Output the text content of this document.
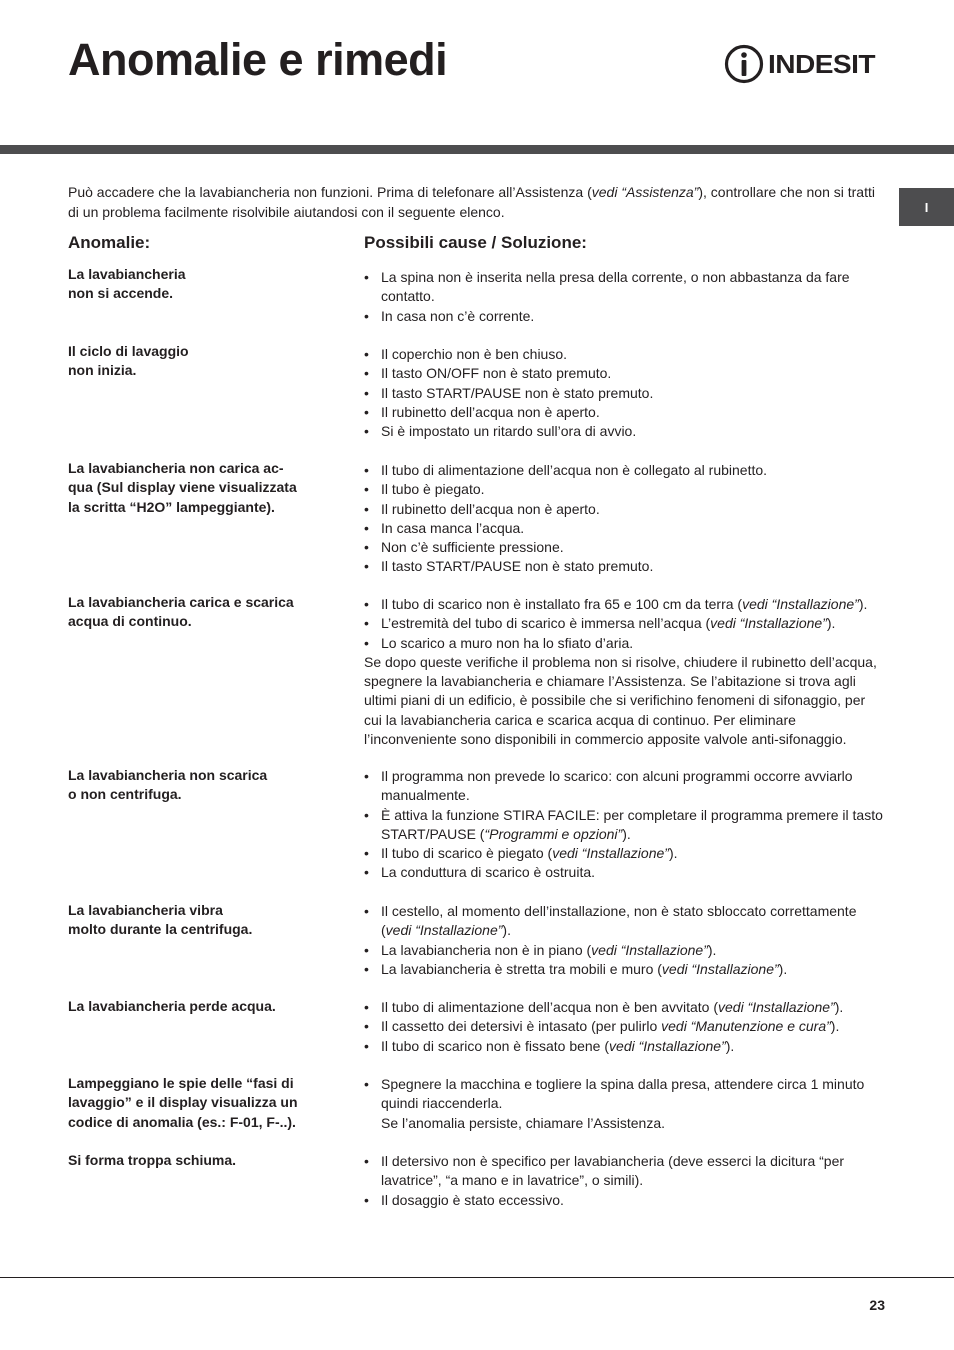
Anomalie e rimedi	INDESIT
I
Può accadere che la lavabiancheria non funzioni. Prima di telefonare all’Assistenza (vedi “Assistenza”), controllare che non si tratti di un problema facilmente risolvibile aiutandosi con il seguente elenco.
Anomalie:	Possibili cause / Soluzione:
La lavabiancheria
non si accende.
• La spina non è inserita nella presa della corrente, o non abbastanza da fare contatto.
• In casa non c’è corrente.
Il ciclo di lavaggio
non inizia.
• Il coperchio non è ben chiuso.
• Il tasto ON/OFF non è stato premuto.
• Il tasto START/PAUSE non è stato premuto.
• Il rubinetto dell’acqua non è aperto.
• Si è impostato un ritardo sull’ora di avvio.
La lavabiancheria non carica ac-
qua (Sul display viene visualizzata
la scritta “H2O” lampeggiante).
• Il tubo di alimentazione dell’acqua non è collegato al rubinetto.
• Il tubo è piegato.
• Il rubinetto dell’acqua non è aperto.
• In casa manca l’acqua.
• Non c’è sufficiente pressione.
• Il tasto START/PAUSE non è stato premuto.
La lavabiancheria carica e scarica
acqua di continuo.
• Il tubo di scarico non è installato fra 65 e 100 cm da terra (vedi “Installazione”).
• L’estremità del tubo di scarico è immersa nell’acqua (vedi “Installazione”).
• Lo scarico a muro non ha lo sfiato d’aria.

Se dopo queste verifiche il problema non si risolve, chiudere il rubinetto dell’acqua, spegnere la lavabiancheria e chiamare l’Assistenza. Se l’abitazione si trova agli ultimi piani di un edificio, è possibile che si verifichino fenomeni di sifonaggio, per cui la lavabiancheria carica e scarica acqua di continuo. Per eliminare l’inconveniente sono disponibili in commercio apposite valvole anti-sifonaggio.

La lavabiancheria non scarica
o non centrifuga.
• Il programma non prevede lo scarico: con alcuni programmi occorre avviarlo manualmente.
• È attiva la funzione STIRA FACILE: per completare il programma premere il tasto START/PAUSE (“Programmi e opzioni”).
• Il tubo di scarico è piegato (vedi “Installazione”).
• La conduttura di scarico è ostruita.
La lavabiancheria vibra
molto durante la centrifuga.
• Il cestello, al momento dell’installazione, non è stato sbloccato correttamente (vedi “Installazione”).
• La lavabiancheria non è in piano (vedi “Installazione”).
• La lavabiancheria è stretta tra mobili e muro (vedi “Installazione”).
La lavabiancheria perde acqua.	• Il tubo di alimentazione dell’acqua non è ben avvitato (vedi “Installazione”).
• Il cassetto dei detersivi è intasato (per pulirlo vedi “Manutenzione e cura”).
• Il tubo di scarico non è fissato bene (vedi “Installazione”).
Lampeggiano le spie delle “fasi di
lavaggio” e il display visualizza un
codice di anomalia (es.: F-01, F-..).
• Spegnere la macchina e togliere la spina dalla presa, attendere circa 1 minuto quindi riaccenderla.

Se l’anomalia persiste, chiamare l’Assistenza.

Si forma troppa schiuma.	• Il detersivo non è specifico per lavabiancheria (deve esserci la dicitura “per lavatrice”, “a mano e in lavatrice”, o simili).
• Il dosaggio è stato eccessivo.
23
